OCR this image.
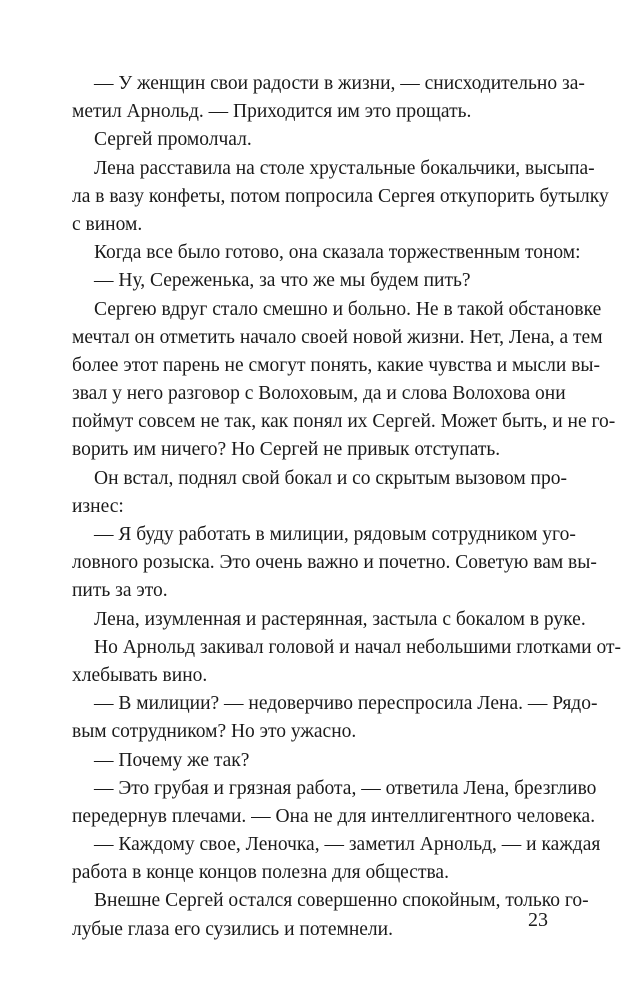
— У женщин свои радости в жизни, — снисходительно за-
метил Арнольд. — Приходится им это прощать.
Сергей промолчал.
Лена расставила на столе хрустальные бокальчики, высыпа-
ла в вазу конфеты, потом попросила Сергея откупорить бутылку
с вином.
Когда все было готово, она сказала торжественным тоном:
— Ну, Сереженька, за что же мы будем пить?
Сергею вдруг стало смешно и больно. Не в такой обстановке
мечтал он отметить начало своей новой жизни. Нет, Лена, а тем
более этот парень не смогут понять, какие чувства и мысли вы-
звал у него разговор с Волоховым, да и слова Волохова они
поймут совсем не так, как понял их Сергей. Может быть, и не го-
ворить им ничего? Но Сергей не привык отступать.
Он встал, поднял свой бокал и со скрытым вызовом про-
изнес:
— Я буду работать в милиции, рядовым сотрудником уго-
ловного розыска. Это очень важно и почетно. Советую вам вы-
пить за это.
Лена, изумленная и растерянная, застыла с бокалом в руке.
Но Арнольд закивал головой и начал небольшими глотками от-
хлебывать вино.
— В милиции? — недоверчиво переспросила Лена. — Рядо-
вым сотрудником? Но это ужасно.
— Почему же так?
— Это грубая и грязная работа, — ответила Лена, брезгливо
передернув плечами. — Она не для интеллигентного человека.
— Каждому свое, Леночка, — заметил Арнольд, — и каждая
работа в конце концов полезна для общества.
Внешне Сергей остался совершенно спокойным, только го-
лубые глаза его сузились и потемнели.	23
